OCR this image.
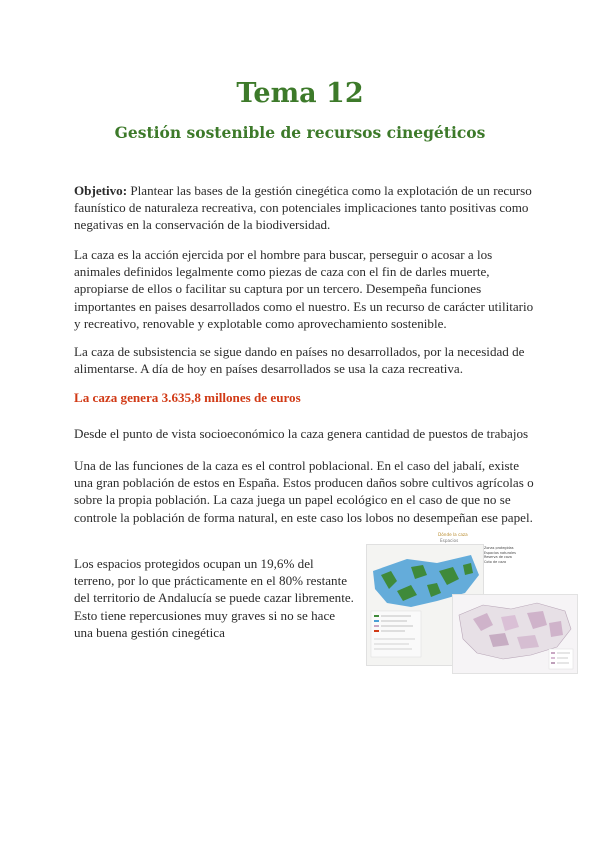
Tema 12
Gestión sostenible de recursos cinegéticos

Objetivo: Plantear las bases de la gestión cinegética como la explotación de un recurso faunístico de naturaleza recreativa, con potenciales implicaciones tanto positivas como negativas en la conservación de la biodiversidad.

La caza es la acción ejercida por el hombre para buscar, perseguir o acosar a los animales definidos legalmente como piezas de caza con el fin de darles muerte, apropiarse de ellos o facilitar su captura por un tercero. Desempeña funciones importantes en paises desarrollados como el nuestro. Es un recurso de carácter utilitario y recreativo, renovable y explotable como aprovechamiento sostenible.

La caza de subsistencia se sigue dando en países no desarrollados, por la necesidad de alimentarse. A día de hoy en países desarrollados se usa la caza recreativa.

La caza genera 3.635,8 millones de euros

Desde el punto de vista socioeconómico la caza genera cantidad de puestos de trabajos

Una de las funciones de la caza es el control poblacional. En el caso del jabalí, existe una gran población de estos en España. Estos producen daños sobre cultivos agrícolas o sobre la propia población. La caza juega un papel ecológico en el caso de que no se controle la población de forma natural, en este caso los lobos no desempeñan ese papel.

Los espacios protegidos ocupan un 19,6% del terreno, por lo que prácticamente en el 80% restante del territorio de Andalucía se puede cazar libremente. Esto tiene repercusiones muy graves si no se hace una buena gestión cinegética

Dónde la caza
Espacios
Zonas protegidas
Espacios naturales
Reserva de caza
Coto de caza
